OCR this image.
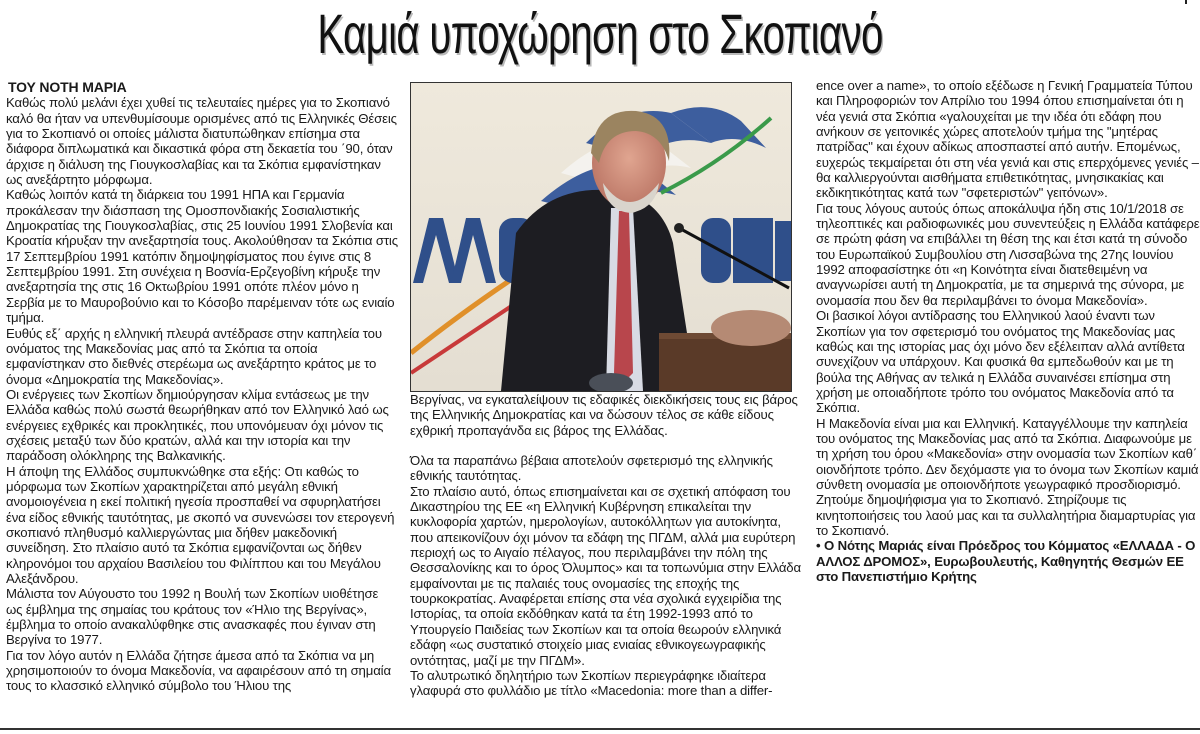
Καμιά υποχώρηση στο Σκοπιανό
ΤΟΥ ΝΟΤΗ ΜΑΡΙΑ

Καθώς πολύ μελάνι έχει χυθεί τις τελευταίες ημέρες για το Σκοπιανό καλό θα ήταν να υπενθυμίσουμε ορισμένες από τις Ελληνικές Θέσεις για το Σκοπιανό οι οποίες μάλιστα διατυπώθηκαν επίσημα στα διάφορα διπλωματικά και δικαστικά φόρα στη δεκαετία του ΄90, όταν άρχισε η διάλυση της Γιουγκοσλαβίας και τα Σκόπια εμφανίστηκαν ως ανεξάρτητο μόρφωμα.

Καθώς λοιπόν κατά τη διάρκεια του 1991 ΗΠΑ και Γερμανία προκάλεσαν την διάσπαση της Ομοσπονδιακής Σοσιαλιστικής Δημοκρατίας της Γιουγκοσλαβίας, στις 25 Ιουνίου 1991 Σλοβενία και Κροατία κήρυξαν την ανεξαρτησία τους. Ακολούθησαν τα Σκόπια στις 17 Σεπτεμβρίου 1991 κατόπιν δημοψηφίσματος που έγινε στις 8 Σεπτεμβρίου 1991. Στη συνέχεια η Βοσνία-Ερζεγοβίνη κήρυξε την ανεξαρτησία της στις 16 Οκτωβρίου 1991 οπότε πλέον μόνο η Σερβία με το Μαυροβούνιο και το Κόσοβο παρέμειναν τότε ως ενιαίο τμήμα.

Ευθύς εξ΄ αρχής η ελληνική πλευρά αντέδρασε στην καπηλεία του ονόματος της Μακεδονίας μας από τα Σκόπια τα οποία εμφανίστηκαν στο διεθνές στερέωμα ως ανεξάρτητο κράτος με το όνομα «Δημοκρατία της Μακεδονίας».

Οι ενέργειες των Σκοπίων δημιούργησαν κλίμα εντάσεως με την Ελλάδα καθώς πολύ σωστά θεωρήθηκαν από τον Ελληνικό λαό ως ενέργειες εχθρικές και προκλητικές, που υπονόμευαν όχι μόνον τις σχέσεις μεταξύ των δύο κρατών, αλλά και την ιστορία και την παράδοση ολόκληρης της Βαλκανικής.

Η άποψη της Ελλάδος συμπυκνώθηκε στα εξής: Οτι καθώς το μόρφωμα των Σκοπίων χαρακτηρίζεται από μεγάλη εθνική ανομοιογένεια η εκεί πολιτική ηγεσία προσπαθεί να σφυρηλατήσει ένα είδος εθνικής ταυτότητας, με σκοπό να συνενώσει τον ετερογενή σκοπιανό πληθυσμό καλλιεργώντας μια δήθεν μακεδονική συνείδηση. Στο πλαίσιο αυτό τα Σκόπια εμφανίζονται ως δήθεν κληρονόμοι του αρχαίου Βασιλείου του Φιλίππου και του Μεγάλου Αλεξάνδρου.

Μάλιστα τον Αύγουστο του 1992 η Βουλή των Σκοπίων υιοθέτησε ως έμβλημα της σημαίας του κράτους τον «Ήλιο της Βεργίνας», έμβλημα το οποίο ανακαλύφθηκε στις ανασκαφές που έγιναν στη Βεργίνα το 1977.

Για τον λόγο αυτόν η Ελλάδα ζήτησε άμεσα από τα Σκόπια να μη χρησιμοποιούν το όνομα Μακεδονία, να αφαιρέσουν από τη σημαία τους το κλασσικό ελληνικό σύμβολο του Ήλιου της

Βεργίνας, να εγκαταλείψουν τις εδαφικές διεκδικήσεις τους εις βάρος της Ελληνικής Δημοκρατίας και να δώσουν τέλος σε κάθε είδους εχθρική προπαγάνδα εις βάρος της Ελλάδας.

Όλα τα παραπάνω βέβαια αποτελούν σφετερισμό της ελληνικής εθνικής ταυτότητας.

Στο πλαίσιο αυτό, όπως επισημαίνεται και σε σχετική απόφαση του Δικαστηρίου της ΕΕ «η Ελληνική Κυβέρνηση επικαλείται την κυκλοφορία χαρτών, ημερολογίων, αυτοκόλλητων για αυτοκίνητα, που απεικονίζουν όχι μόνον τα εδάφη της ΠΓΔΜ, αλλά μια ευρύτερη περιοχή ως το Αιγαίο πέλαγος, που περιλαμβάνει την πόλη της Θεσσαλονίκης και το όρος Όλυμπος» και τα τοπωνύμια στην Ελλάδα εμφαίνονται με τις παλαιές τους ονομασίες της εποχής της τουρκοκρατίας. Αναφέρεται επίσης στα νέα σχολικά εγχειρίδια της Ιστορίας, τα οποία εκδόθηκαν κατά τα έτη 1992-1993 από το Υπουργείο Παιδείας των Σκοπίων και τα οποία θεωρούν ελληνικά εδάφη «ως συστατικό στοιχείο μιας ενιαίας εθνικογεωγραφικής οντότητας, μαζί με την ΠΓΔΜ».

Το αλυτρωτικό δηλητήριο των Σκοπίων περιεγράφηκε ιδιαίτερα γλαφυρά στο φυλλάδιο με τίτλο «Macedonia: more than a differ-

ence over a name», το οποίο εξέδωσε η Γενική Γραμματεία Τύπου και Πληροφοριών τον Απρίλιο του 1994 όπου επισημαίνεται ότι η νέα γενιά στα Σκόπια «γαλουχείται με την ιδέα ότι εδάφη που ανήκουν σε γειτονικές χώρες αποτελούν τμήμα της "μητέρας πατρίδας" και έχουν αδίκως αποσπαστεί από αυτήν. Επομένως, ευχερώς τεκμαίρεται ότι στη νέα γενιά και στις επερχόμενες γενιές – θα καλλιεργούνται αισθήματα επιθετικότητας, μνησικακίας και εκδικητικότητας κατά των "σφετεριστών" γειτόνων».

Για τους λόγους αυτούς όπως αποκάλυψα ήδη στις 10/1/2018 σε τηλεοπτικές και ραδιοφωνικές μου συνεντεύξεις η Ελλάδα κατάφερε σε πρώτη φάση να επιβάλλει τη θέση της και έτσι κατά τη σύνοδο του Ευρωπαϊκού Συμβουλίου στη Λισσαβώνα της 27ης Ιουνίου 1992 αποφασίστηκε ότι «η Κοινότητα είναι διατεθειμένη να αναγνωρίσει αυτή τη Δημοκρατία, με τα σημερινά της σύνορα, με ονομασία που δεν θα περιλαμβάνει το όνομα Μακεδονία».

Οι βασικοί λόγοι αντίδρασης του Ελληνικού λαού έναντι των Σκοπίων για τον σφετερισμό του ονόματος της Μακεδονίας μας καθώς και της ιστορίας μας όχι μόνο δεν εξέλειπαν αλλά αντίθετα συνεχίζουν να υπάρχουν. Και φυσικά θα εμπεδωθούν και με τη βούλα της Αθήνας αν τελικά η Ελλάδα συναινέσει επίσημα στη χρήση με οποιαδήποτε τρόπο του ονόματος Μακεδονία από τα Σκόπια.

Η Μακεδονία είναι μια και Ελληνική. Καταγγέλλουμε την καπηλεία του ονόματος της Μακεδονίας μας από τα Σκόπια. Διαφωνούμε με τη χρήση του όρου «Μακεδονία» στην ονομασία των Σκοπίων καθ΄ οιονδήποτε τρόπο. Δεν δεχόμαστε για το όνομα των Σκοπίων καμιά σύνθετη ονομασία με οποιονδήποτε γεωγραφικό προσδιορισμό.

Ζητούμε δημοψήφισμα για το Σκοπιανό. Στηρίζουμε τις κινητοποιήσεις του λαού μας και τα συλλαλητήρια διαμαρτυρίας για το Σκοπιανό.

• Ο Νότης Μαριάς είναι Πρόεδρος του Κόμματος «ΕΛΛΑΔΑ - Ο ΑΛΛΟΣ ΔΡΟΜΟΣ», Ευρωβουλευτής, Καθηγητής Θεσμών ΕΕ στο Πανεπιστήμιο Κρήτης
